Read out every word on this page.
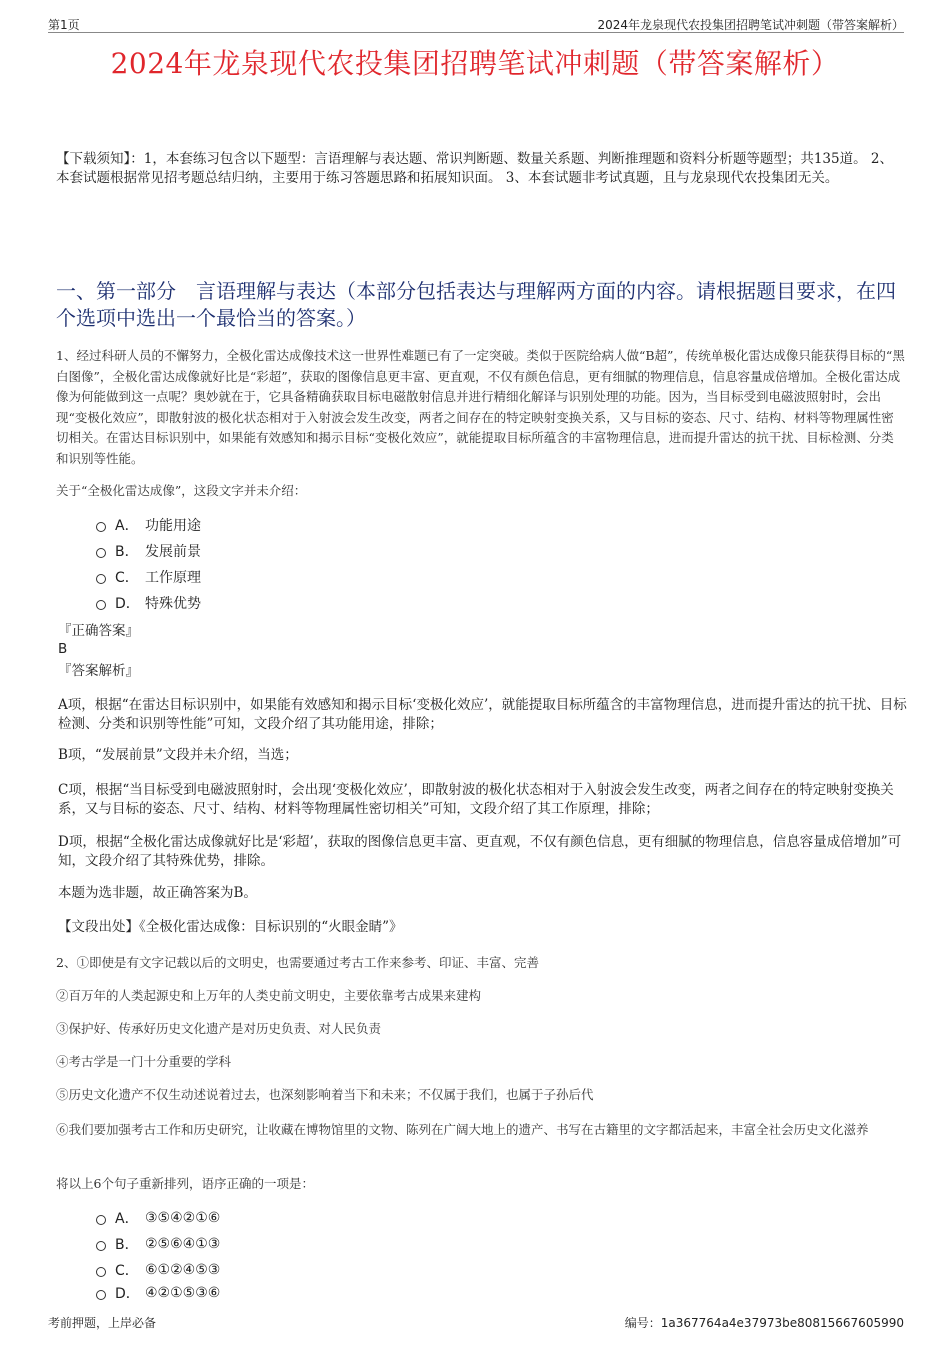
第1页	2024年龙泉现代农投集团招聘笔试冲刺题（带答案解析）
2024年龙泉现代农投集团招聘笔试冲刺题（带答案解析）
【下载须知】：1，本套练习包含以下题型：言语理解与表达题、常识判断题、数量关系题、判断推理题和资料分析题等题型；共135道。 2、本套试题根据常见招考题总结归纳，主要用于练习答题思路和拓展知识面。 3、本套试题非考试真题，且与龙泉现代农投集团无关。
一、第一部分　言语理解与表达（本部分包括表达与理解两方面的内容。请根据题目要求，在四个选项中选出一个最恰当的答案。）
1、经过科研人员的不懈努力，全极化雷达成像技术这一世界性难题已有了一定突破。类似于医院给病人做“B超”，传统单极化雷达成像只能获得目标的“黑白图像”，全极化雷达成像就好比是“彩超”，获取的图像信息更丰富、更直观，不仅有颜色信息，更有细腻的物理信息，信息容量成倍增加。全极化雷达成像为何能做到这一点呢？奥妙就在于，它具备精确获取目标电磁散射信息并进行精细化解译与识别处理的功能。因为，当目标受到电磁波照射时，会出现“变极化效应”，即散射波的极化状态相对于入射波会发生改变，两者之间存在的特定映射变换关系，又与目标的姿态、尺寸、结构、材料等物理属性密切相关。在雷达目标识别中，如果能有效感知和揭示目标“变极化效应”，就能提取目标所蕴含的丰富物理信息，进而提升雷达的抗干扰、目标检测、分类和识别等性能。
关于“全极化雷达成像”，这段文字并未介绍：
A． 功能用途
B． 发展前景
C． 工作原理
D． 特殊优势
『正确答案』
B
『答案解析』
A项，根据“在雷达目标识别中，如果能有效感知和揭示目标‘变极化效应’，就能提取目标所蕴含的丰富物理信息，进而提升雷达的抗干扰、目标检测、分类和识别等性能”可知，文段介绍了其功能用途，排除；
B项，“发展前景”文段并未介绍，当选；
C项，根据“当目标受到电磁波照射时，会出现‘变极化效应’，即散射波的极化状态相对于入射波会发生改变，两者之间存在的特定映射变换关系，又与目标的姿态、尺寸、结构、材料等物理属性密切相关”可知，文段介绍了其工作原理，排除；
D项，根据“全极化雷达成像就好比是‘彩超’，获取的图像信息更丰富、更直观，不仅有颜色信息，更有细腻的物理信息，信息容量成倍增加”可知，文段介绍了其特殊优势，排除。
本题为选非题，故正确答案为B。
【文段出处】《全极化雷达成像：目标识别的“火眼金睛”》
2、①即使是有文字记载以后的文明史，也需要通过考古工作来参考、印证、丰富、完善
②百万年的人类起源史和上万年的人类史前文明史，主要依靠考古成果来建构
③保护好、传承好历史文化遗产是对历史负责、对人民负责
④考古学是一门十分重要的学科
⑤历史文化遗产不仅生动述说着过去，也深刻影响着当下和未来；不仅属于我们，也属于子孙后代
⑥我们要加强考古工作和历史研究，让收藏在博物馆里的文物、陈列在广阔大地上的遗产、书写在古籍里的文字都活起来，丰富全社会历史文化滋养
将以上6个句子重新排列，语序正确的一项是：
A． ③⑤④②①⑥
B． ②⑤⑥④①③
C． ⑥①②④⑤③
D． ④②①⑤③⑥
考前押题，上岸必备	编号：1a367764a4e37973be80815667605990
